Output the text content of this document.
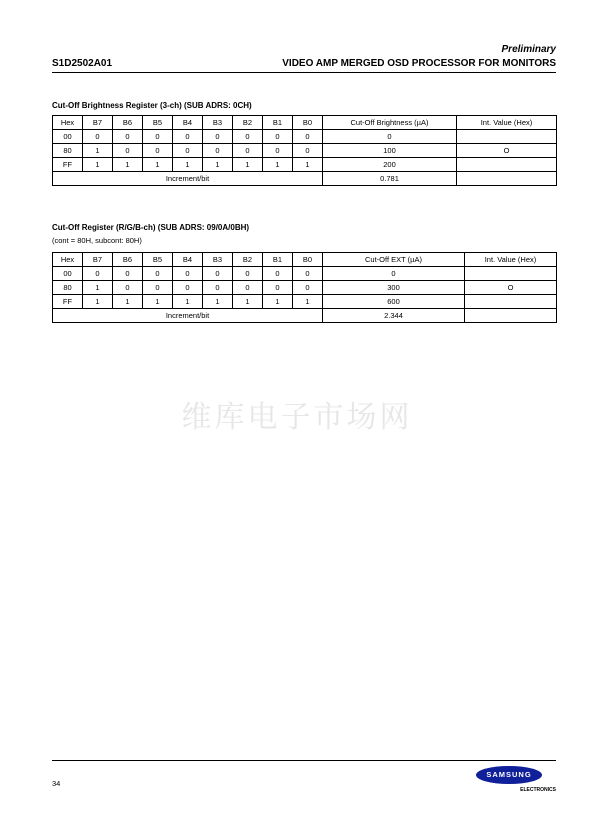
Preliminary
S1D2502A01	VIDEO AMP MERGED OSD PROCESSOR FOR MONITORS
Cut-Off Brightness Register (3-ch) (SUB ADRS: 0CH)
Hex	B7	B6	B5	B4	B3	B2	B1	B0	Cut-Off Brightness (µA)	Int. Value (Hex)
00	0	0	0	0	0	0	0	0	0	
80	1	0	0	0	0	0	0	0	100	O
FF	1	1	1	1	1	1	1	1	200	
Increment/bit									0.781	
Cut-Off Register (R/G/B-ch) (SUB ADRS: 09/0A/0BH)
(cont = 80H, subcont: 80H)
Hex	B7	B6	B5	B4	B3	B2	B1	B0	Cut-Off EXT (µA)	Int. Value (Hex)
00	0	0	0	0	0	0	0	0	0	
80	1	0	0	0	0	0	0	0	300	O
FF	1	1	1	1	1	1	1	1	600	
Increment/bit									2.344	
维库电子市场网
34
SAMSUNG
ELECTRONICS
